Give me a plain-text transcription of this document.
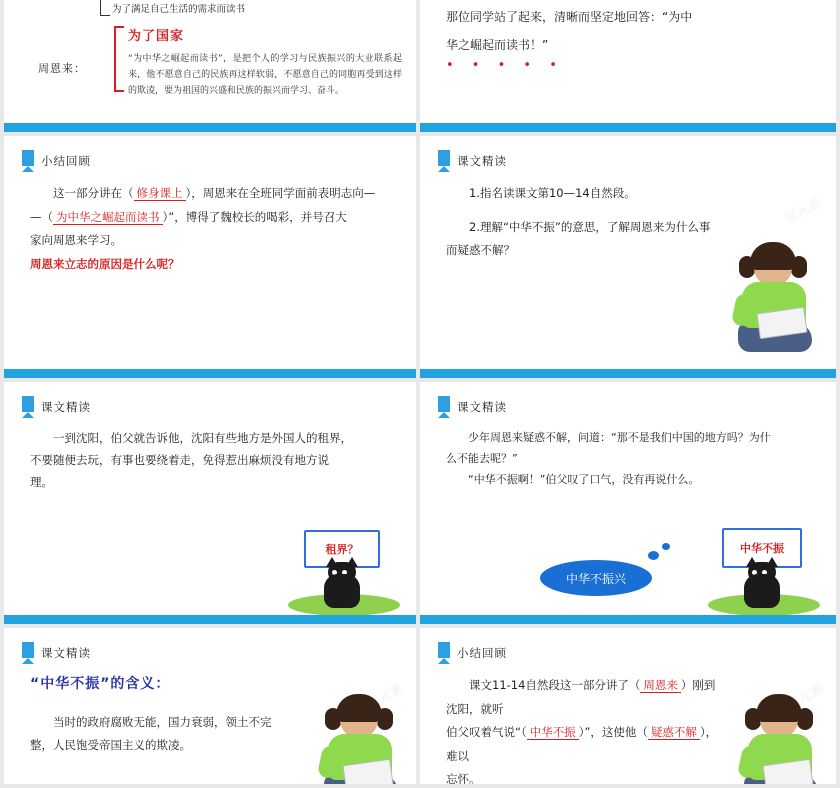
为了满足自己生活的需求而读书
周恩来：
为了国家
“为中华之崛起而读书”，是把个人的学习与民族振兴的大业联系起来，他不愿意自己的民族再这样软弱，不愿意自己的同胞再受到这样的欺凌，要为祖国的兴盛和民族的振兴而学习、奋斗。
那位同学站了起来，清晰而坚定地回答：“为中
华之崛起而读书！”
• • • • •
小结回顾
这一部分讲在（ 修身课上 ），周恩来在全班同学面前表明志向—
—（ 为中华之崛起而读书 ）”，博得了魏校长的喝彩，并号召大
家向周恩来学习。
周恩来立志的原因是什么呢？
课文精读
1.指名读课文第10—14自然段。
2.理解“中华不振”的意思，了解周恩来为什么事
而疑惑不解？
氪元素
课文精读
一到沈阳，伯父就告诉他，沈阳有些地方是外国人的租界，
不要随便去玩，有事也要绕着走，免得惹出麻烦没有地方说
理。
租界？
课文精读
少年周恩来疑惑不解，问道：“那不是我们中国的地方吗？为什
么不能去呢？”
“中华不振啊！”伯父叹了口气，没有再说什么。
中华不振
中华不振兴
课文精读
“中华不振”的含义：
当时的政府腐败无能，国力衰弱，领土不完
整，人民饱受帝国主义的欺凌。
氪元素
小结回顾
课文11-14自然段这一部分讲了（ 周恩来 ）刚到沈阳，就听
伯父叹着气说“（ 中华不振 ）”，这使他（ 疑惑不解 ），难以
忘怀。
氪元素
